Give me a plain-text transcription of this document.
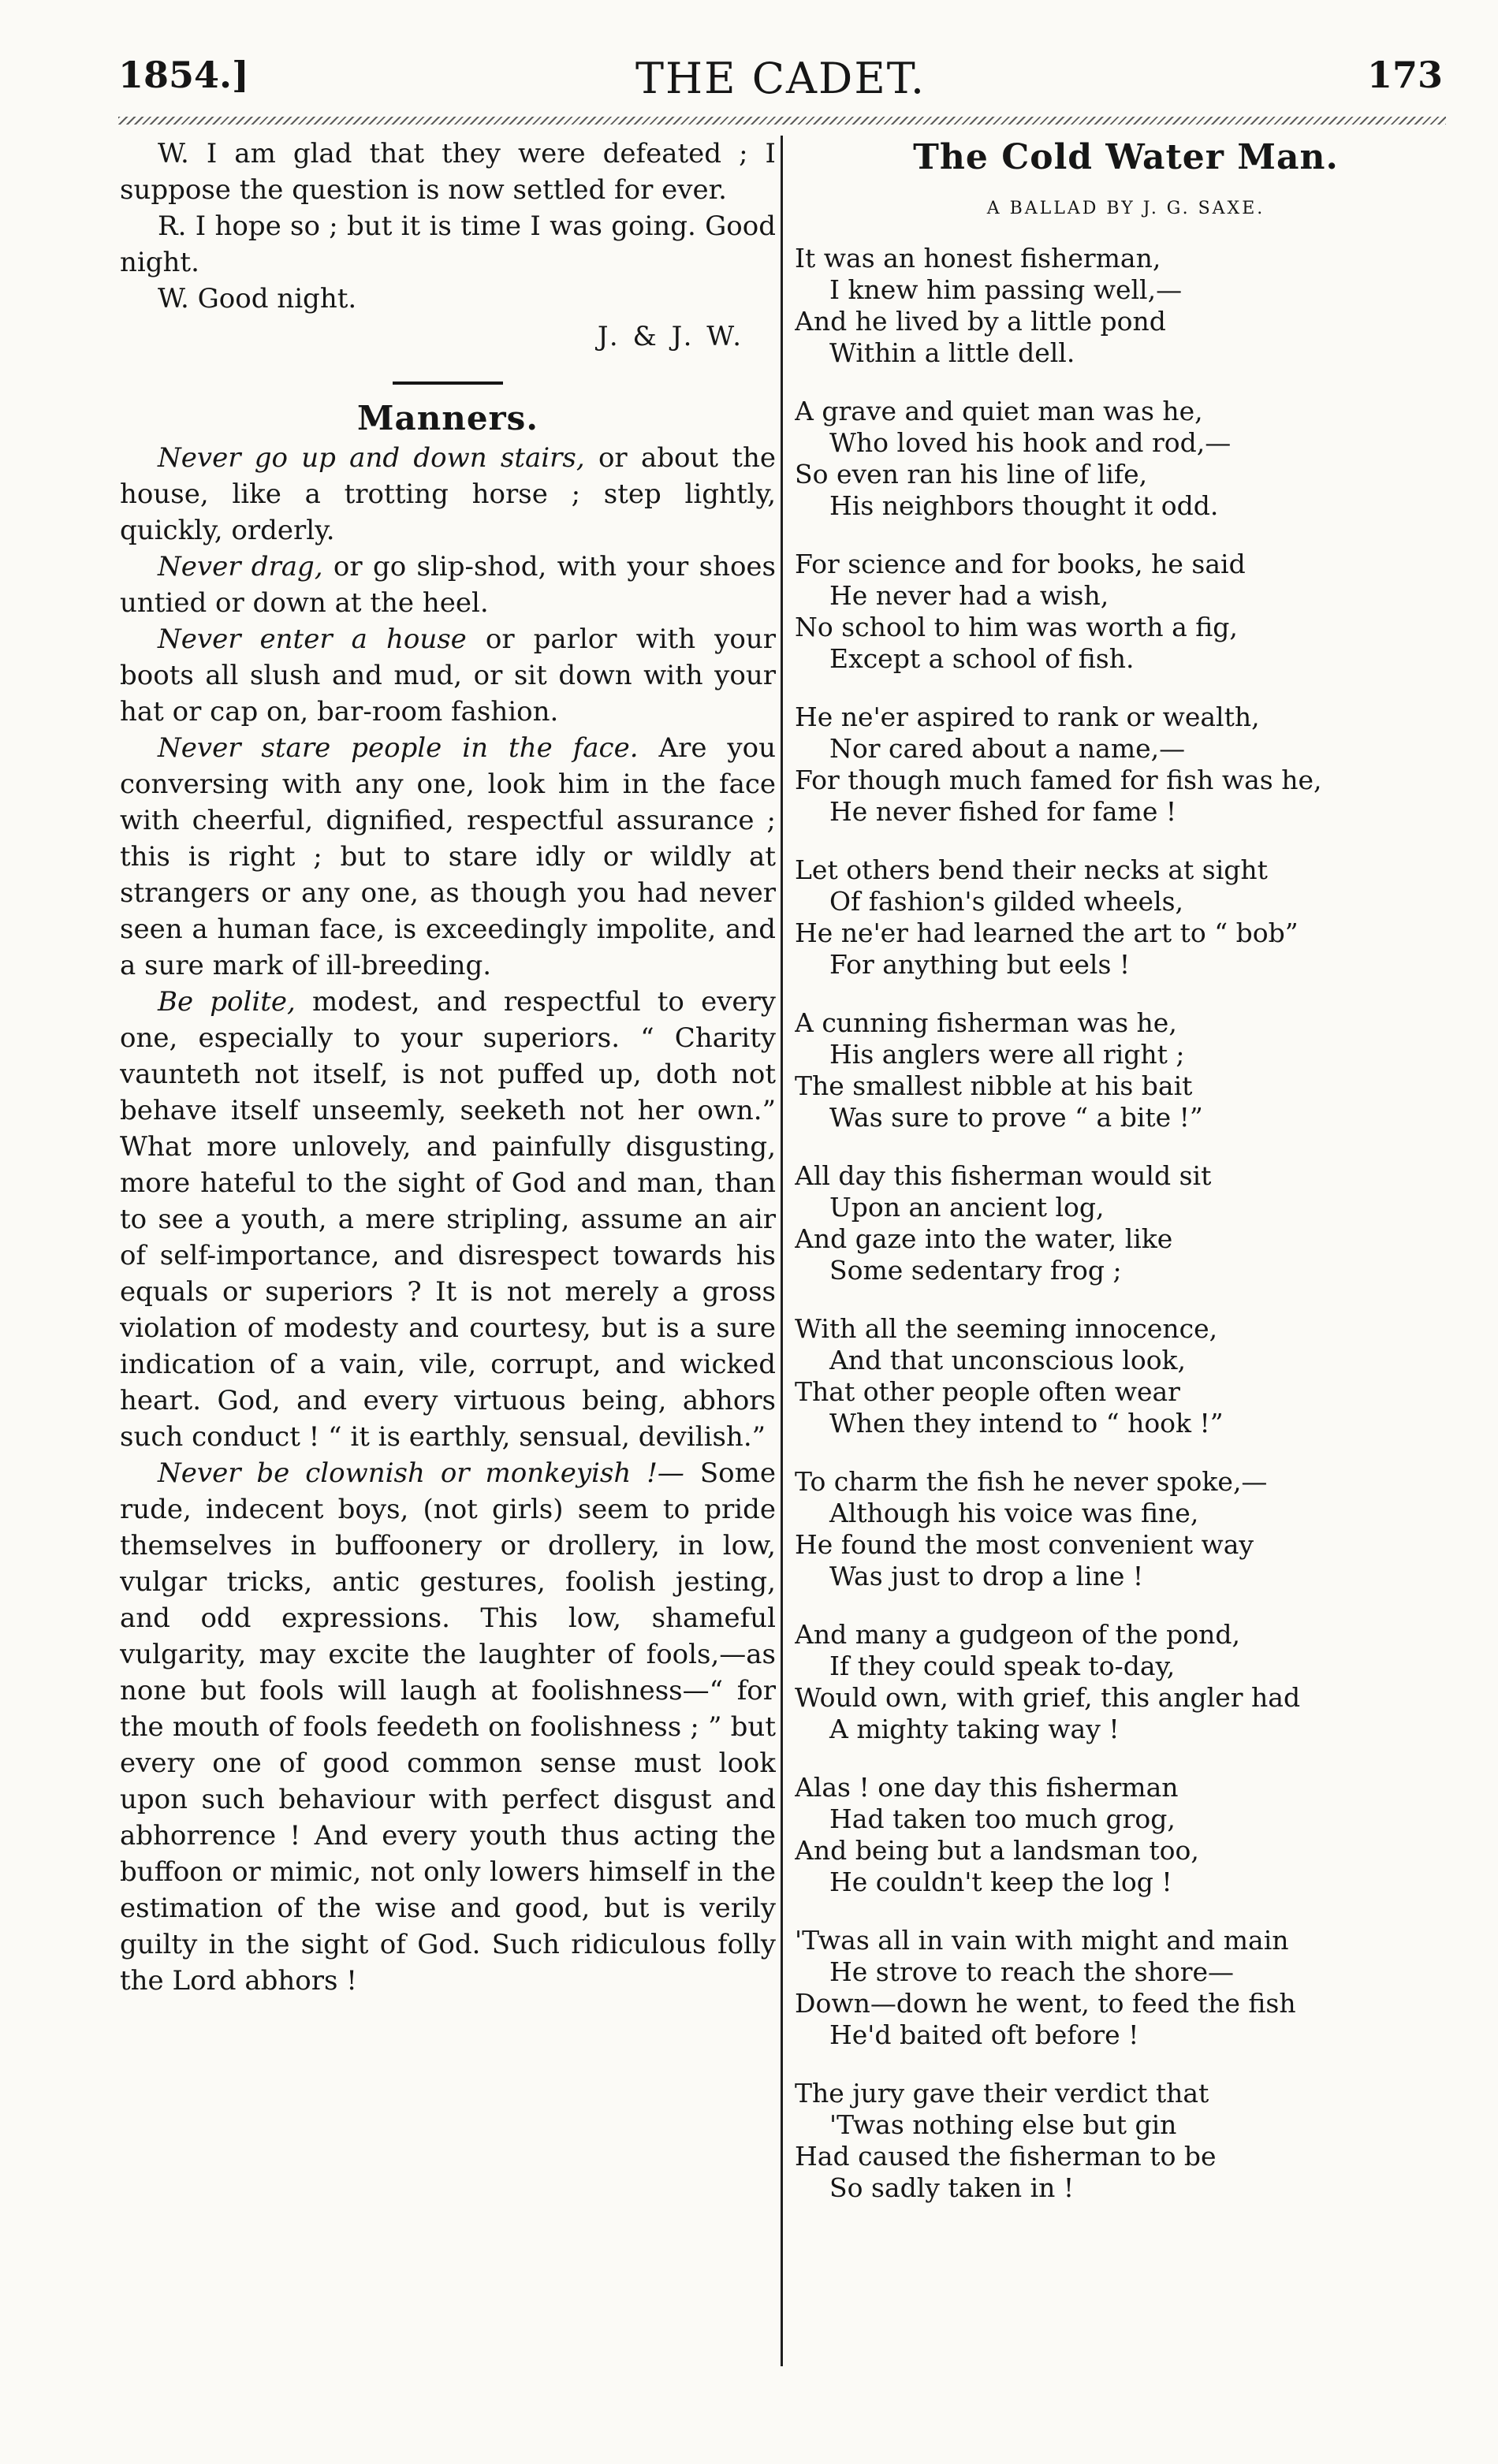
1854.]	THE CADET.	173

W. I am glad that they were defeated ; I suppose the question is now settled for ever.

R. I hope so ; but it is time I was going. Good night.

W. Good night.

J. & J. W.

Manners.

Never go up and down stairs, or about the house, like a trotting horse ; step lightly, quickly, orderly.

Never drag, or go slip-shod, with your shoes untied or down at the heel.

Never enter a house or parlor with your boots all slush and mud, or sit down with your hat or cap on, bar-room fashion.

Never stare people in the face. Are you conversing with any one, look him in the face with cheerful, dignified, respectful assurance ; this is right ; but to stare idly or wildly at strangers or any one, as though you had never seen a human face, is exceedingly impolite, and a sure mark of ill-breeding.

Be polite, modest, and respectful to every one, especially to your superiors. “ Charity vaunteth not itself, is not puffed up, doth not behave itself unseemly, seeketh not her own.” What more unlovely, and painfully disgusting, more hateful to the sight of God and man, than to see a youth, a mere stripling, assume an air of self-importance, and disrespect towards his equals or superiors ? It is not merely a gross violation of modesty and courtesy, but is a sure indication of a vain, vile, corrupt, and wicked heart. God, and every virtuous being, abhors such conduct ! “ it is earthly, sensual, devilish.”

Never be clownish or monkeyish !— Some rude, indecent boys, (not girls) seem to pride themselves in buffoonery or drollery, in low, vulgar tricks, antic gestures, foolish jesting, and odd expressions. This low, shameful vulgarity, may excite the laughter of fools,—as none but fools will laugh at foolishness—“ for the mouth of fools feedeth on foolishness ; ” but every one of good common sense must look upon such behaviour with perfect disgust and abhorrence ! And every youth thus acting the buffoon or mimic, not only lowers himself in the estimation of the wise and good, but is verily guilty in the sight of God. Such ridiculous folly the Lord abhors !

The Cold Water Man.

A BALLAD BY J. G. SAXE.

It was an honest fisherman,
I knew him passing well,—
And he lived by a little pond
Within a little dell.
A grave and quiet man was he,
Who loved his hook and rod,—
So even ran his line of life,
His neighbors thought it odd.
For science and for books, he said
He never had a wish,
No school to him was worth a fig,
Except a school of fish.
He ne'er aspired to rank or wealth,
Nor cared about a name,—
For though much famed for fish was he,
He never fished for fame !
Let others bend their necks at sight
Of fashion's gilded wheels,
He ne'er had learned the art to “ bob”
For anything but eels !
A cunning fisherman was he,
His anglers were all right ;
The smallest nibble at his bait
Was sure to prove “ a bite !”
All day this fisherman would sit
Upon an ancient log,
And gaze into the water, like
Some sedentary frog ;
With all the seeming innocence,
And that unconscious look,
That other people often wear
When they intend to “ hook !”
To charm the fish he never spoke,—
Although his voice was fine,
He found the most convenient way
Was just to drop a line !
And many a gudgeon of the pond,
If they could speak to-day,
Would own, with grief, this angler had
A mighty taking way !
Alas ! one day this fisherman
Had taken too much grog,
And being but a landsman too,
He couldn't keep the log !
'Twas all in vain with might and main
He strove to reach the shore—
Down—down he went, to feed the fish
He'd baited oft before !
The jury gave their verdict that
'Twas nothing else but gin
Had caused the fisherman to be
So sadly taken in !
